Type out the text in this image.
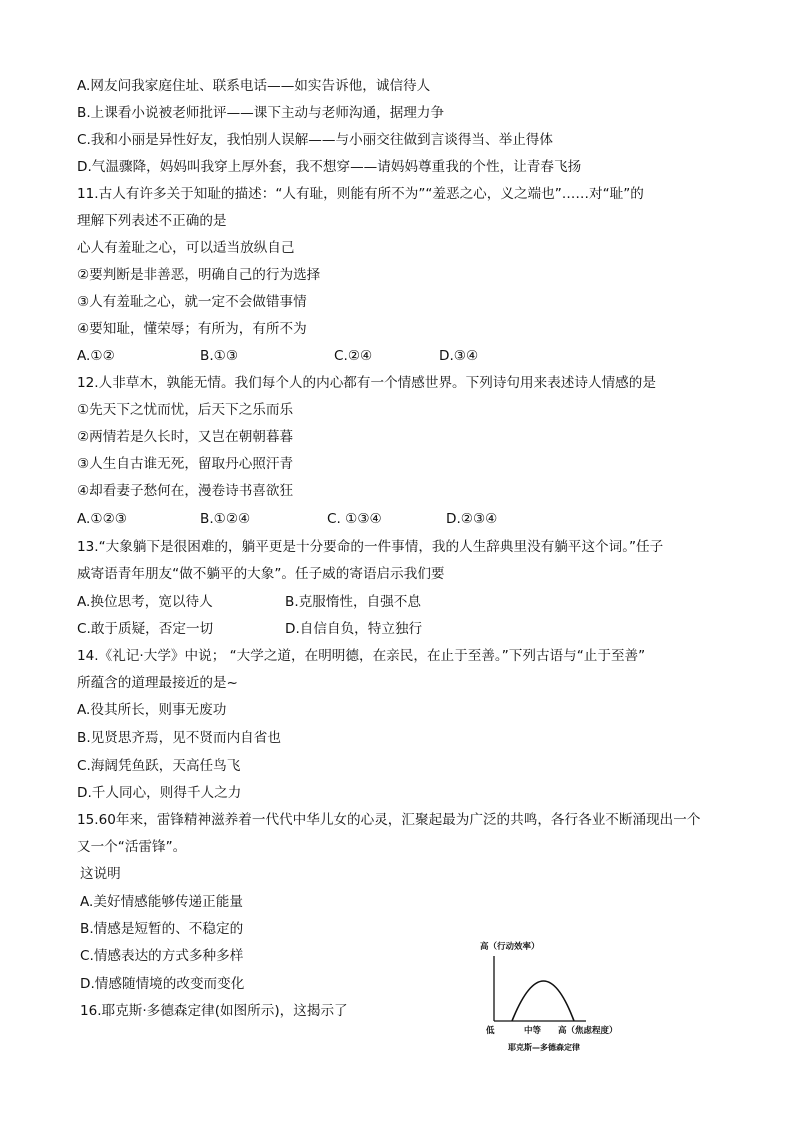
A.网友问我家庭住址、联系电话——如实告诉他，诚信待人
B.上课看小说被老师批评——课下主动与老师沟通，据理力争
C.我和小丽是异性好友，我怕别人误解——与小丽交往做到言谈得当、举止得体
D.气温骤降，妈妈叫我穿上厚外套，我不想穿——请妈妈尊重我的个性，让青春飞扬
11.古人有许多关于知耻的描述：“人有耻，则能有所不为”“羞恶之心，义之端也”……对“耻”的
理解下列表述不正确的是
心人有羞耻之心，可以适当放纵自己
②要判断是非善恶，明确自己的行为选择
③人有羞耻之心，就一定不会做错事情
④要知耻，懂荣辱；有所为，有所不为
A.①②	B.①③	C.②④	D.③④
12.人非草木，孰能无情。我们每个人的内心都有一个情感世界。下列诗句用来表述诗人情感的是
①先天下之忧而忧，后天下之乐而乐
②两情若是久长时，又岂在朝朝暮暮
③人生自古谁无死，留取丹心照汗青
④却看妻子愁何在，漫卷诗书喜欲狂
A.①②③	B.①②④	C. ①③④	D.②③④
13.“大象躺下是很困难的，躺平更是十分要命的一件事情，我的人生辞典里没有躺平这个词。”任子
威寄语青年朋友“做不躺平的大象”。任子威的寄语启示我们要
A.换位思考，宽以待人	B.克服惰性，自强不息
C.敢于质疑，否定一切	D.自信自负，特立独行
14.《礼记·大学》中说； “大学之道，在明明德，在亲民，在止于至善。”下列古语与“止于至善”
所蕴含的道理最接近的是~
A.役其所长，则事无废功
B.见贤思齐焉，见不贤而内自省也
C.海阔凭鱼跃，天高任鸟飞
D.千人同心，则得千人之力
15.60年来，雷锋精神滋养着一代代中华儿女的心灵，汇聚起最为广泛的共鸣，各行各业不断涌现出一个
又一个“活雷锋”。
这说明
A.美好情感能够传递正能量
B.情感是短暂的、不稳定的
C.情感表达的方式多种多样
D.情感随情境的改变而变化
16.耶克斯·多德森定律(如图所示)，这揭示了
高（行动效率）
低	中等 高（焦虑程度）
耶克斯—多德森定律
